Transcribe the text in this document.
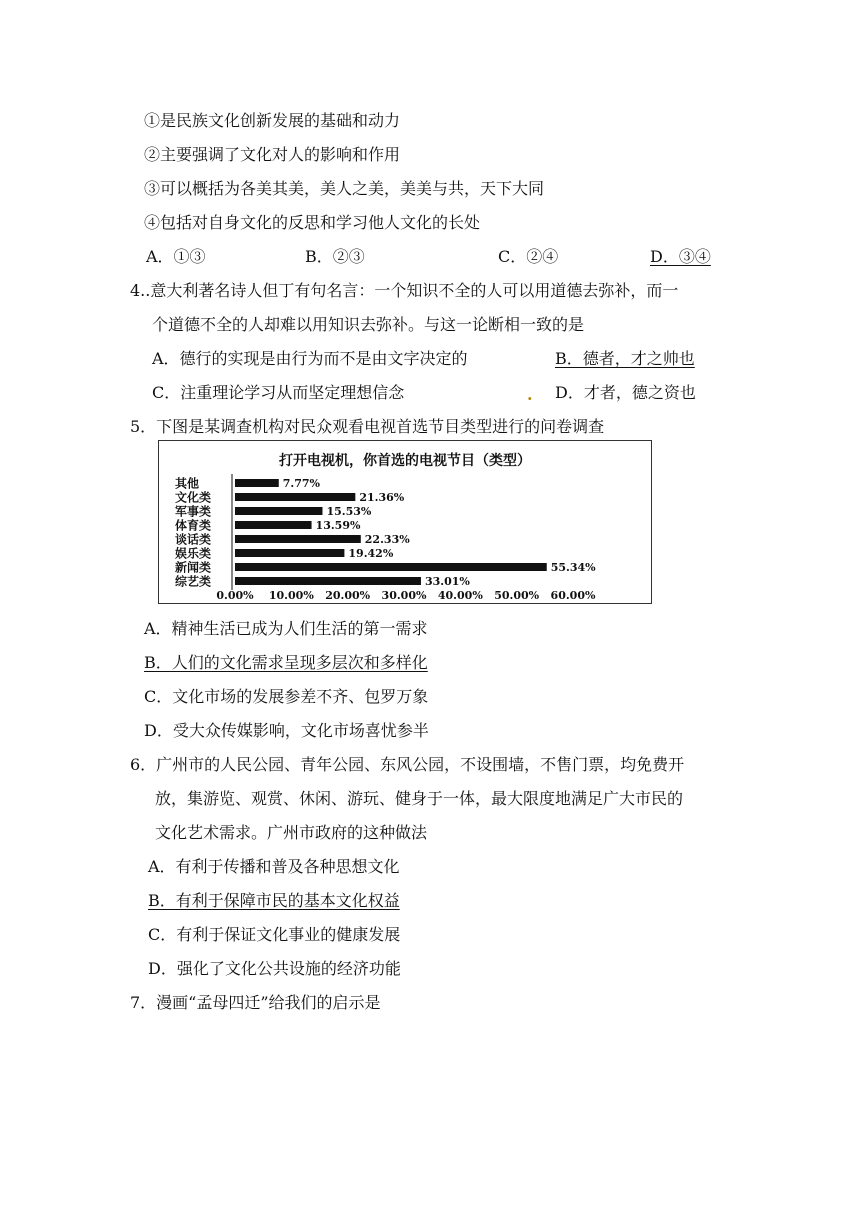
①是民族文化创新发展的基础和动力
②主要强调了文化对人的影响和作用
③可以概括为各美其美，美人之美，美美与共，天下大同
④包括对自身文化的反思和学习他人文化的长处
A．①③	B．②③	C．②④	D．③④
4..意大利著名诗人但丁有句名言：一个知识不全的人可以用道德去弥补，而一
个道德不全的人却难以用知识去弥补。与这一论断相一致的是
A．德行的实现是由行为而不是由文字决定的	B．德者，才之帅也
C．注重理论学习从而坚定理想信念	. D．才者，德之资也
5．下图是某调查机构对民众观看电视首选节目类型进行的问卷调查
打开电视机，你首选的电视节目（类型）
其他	7.77%
文化类	21.36%
军事类	15.53%
体育类	13.59%
谈话类	22.33%
娱乐类	19.42%
新闻类	55.34%
综艺类	33.01%
0.00% 10.00% 20.00% 30.00% 40.00% 50.00% 60.00%
A．精神生活已成为人们生活的第一需求
B．人们的文化需求呈现多层次和多样化
C．文化市场的发展参差不齐、包罗万象
D．受大众传媒影响，文化市场喜忧参半
6．广州市的人民公园、青年公园、东风公园，不设围墙，不售门票，均免费开
放，集游览、观赏、休闲、游玩、健身于一体，最大限度地满足广大市民的
文化艺术需求。广州市政府的这种做法
A．有利于传播和普及各种思想文化
B．有利于保障市民的基本文化权益
C．有利于保证文化事业的健康发展
D．强化了文化公共设施的经济功能
7．漫画“孟母四迁”给我们的启示是
